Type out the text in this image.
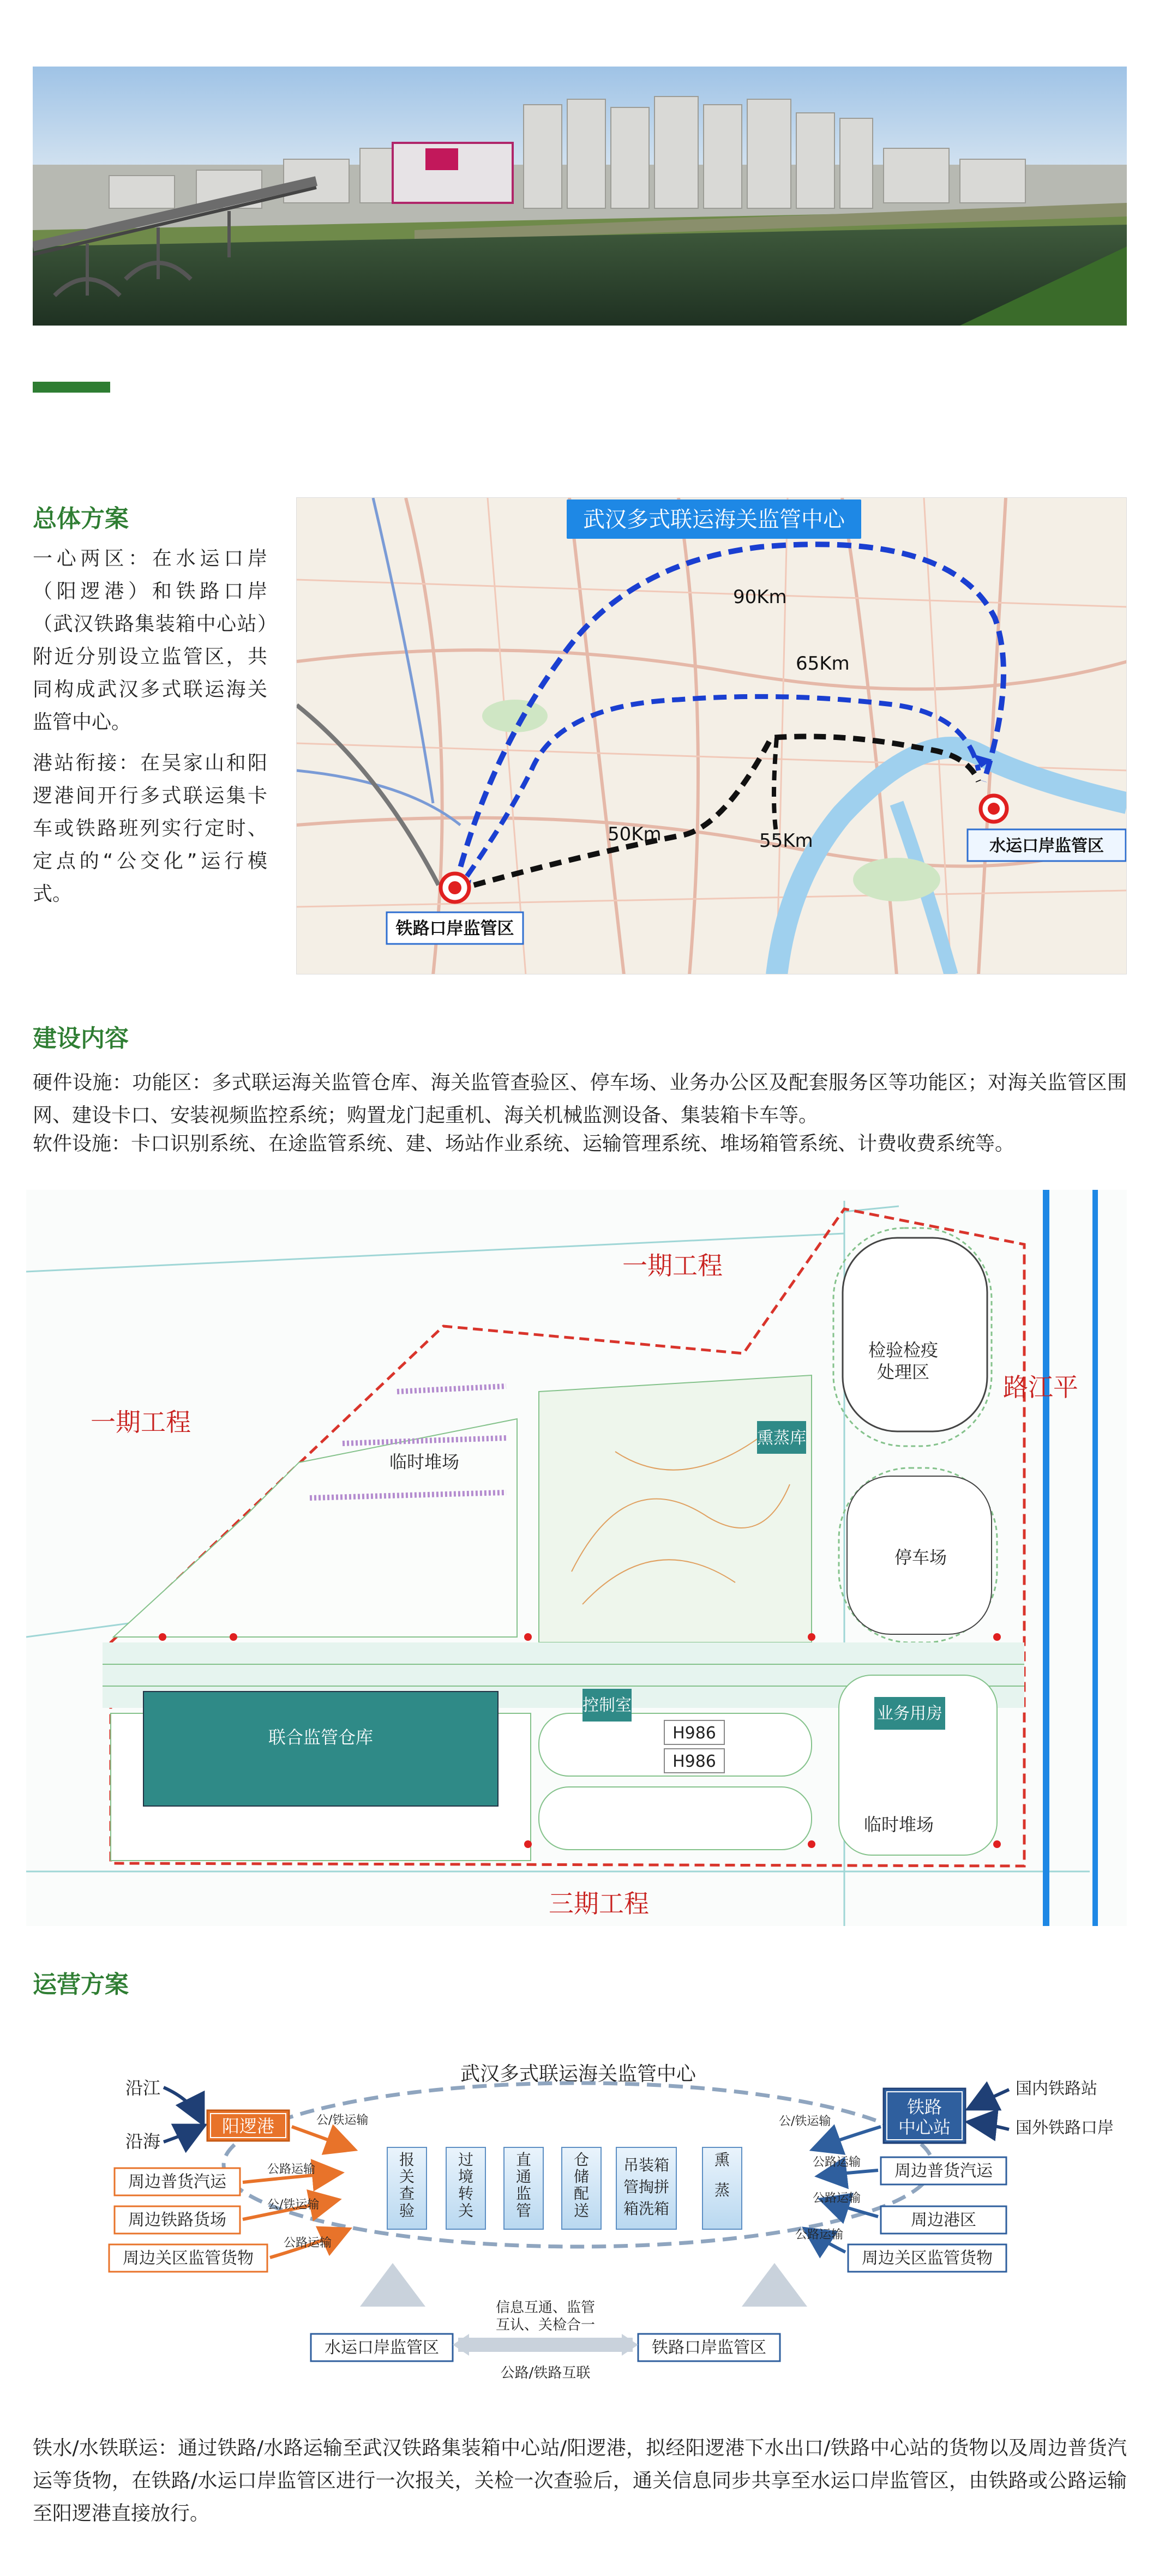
总体方案
一心两区：在水运口岸（阳逻港）和铁路口岸（武汉铁路集装箱中心站）附近分别设立监管区，共同构成武汉多式联运海关监管中心。
港站衔接：在吴家山和阳逻港间开行多式联运集卡车或铁路班列实行定时、定点的“公交化”运行模式。
武汉多式联运海关监管中心
铁路口岸监管区
水运口岸监管区
90Km
65Km
50Km	55Km
建设内容
硬件设施：功能区：多式联运海关监管仓库、海关监管查验区、停车场、业务办公区及配套服务区等功能区；对海关监管区围网、建设卡口、安装视频监控系统；购置龙门起重机、海关机械监测设备、集装箱卡车等。
软件设施：卡口识别系统、在途监管系统、建、场站作业系统、运输管理系统、堆场箱管系统、计费收费系统等。
一期工程
一期工程
三期工程
路江平
检验检疫
处理区
熏蒸库
临时堆场
停车场
联合监管仓库
控制室
H986
H986
业务用房
临时堆场
运营方案
武汉多式联运海关监管中心
报
关
查
验
过
境
转
关
直
通
监
管
仓
储
配
送
吊装箱
管掏拼
箱洗箱
熏
蒸
沿江
沿海
阳逻港
周边普货汽运
周边铁路货场
周边关区监管货物
公/铁运输
公路运输
公/铁运输
公路运输
铁路
中心站
国内铁路站
国外铁路口岸
周边普货汽运
周边港区
周边关区监管货物
公/铁运输
公路运输
公路运输
公路运输
水运口岸监管区	铁路口岸监管区
信息互通、监管
互认、关检合一
公路/铁路互联
铁水/水铁联运：通过铁路/水路运输至武汉铁路集装箱中心站/阳逻港，拟经阳逻港下水出口/铁路中心站的货物以及周边普货汽运等货物，在铁路/水运口岸监管区进行一次报关，关检一次查验后，通关信息同步共享至水运口岸监管区，由铁路或公路运输至阳逻港直接放行。
